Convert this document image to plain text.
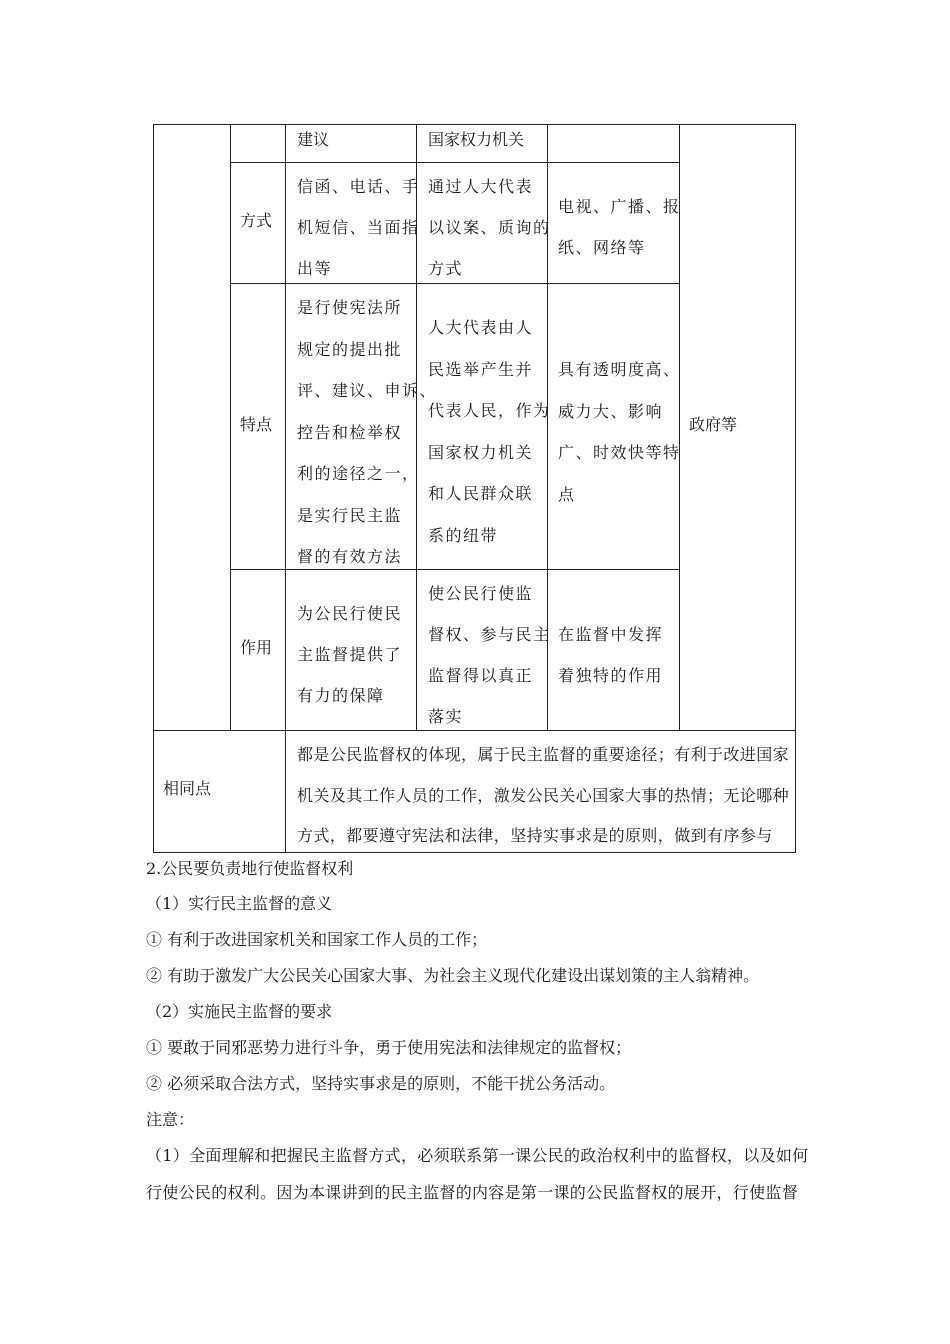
建议	国家权力机关
方式
信函、电话、手
机短信、当面指
出等
通过人大代表
以议案、质询的
方式
电视、广播、报
纸、网络等
特点
是行使宪法所
规定的提出批
评、建议、申诉、
控告和检举权
利的途径之一，
是实行民主监
督的有效方法
人大代表由人
民选举产生并
代表人民，作为
国家权力机关
和人民群众联
系的纽带
具有透明度高、
威力大、影响
广、时效快等特
点
政府等
作用
为公民行使民
主监督提供了
有力的保障
使公民行使监
督权、参与民主
监督得以真正
落实
在监督中发挥
着独特的作用
相同点
都是公民监督权的体现，属于民主监督的重要途径；有利于改进国家
机关及其工作人员的工作，激发公民关心国家大事的热情；无论哪种
方式，都要遵守宪法和法律，坚持实事求是的原则，做到有序参与
2.公民要负责地行使监督权利
（1）实行民主监督的意义
① 有利于改进国家机关和国家工作人员的工作；
② 有助于激发广大公民关心国家大事、为社会主义现代化建设出谋划策的主人翁精神。
（2）实施民主监督的要求
① 要敢于同邪恶势力进行斗争，勇于使用宪法和法律规定的监督权；
② 必须采取合法方式，坚持实事求是的原则，不能干扰公务活动。
注意：
（1）全面理解和把握民主监督方式，必须联系第一课公民的政治权利中的监督权，以及如何
行使公民的权利。因为本课讲到的民主监督的内容是第一课的公民监督权的展开，行使监督
